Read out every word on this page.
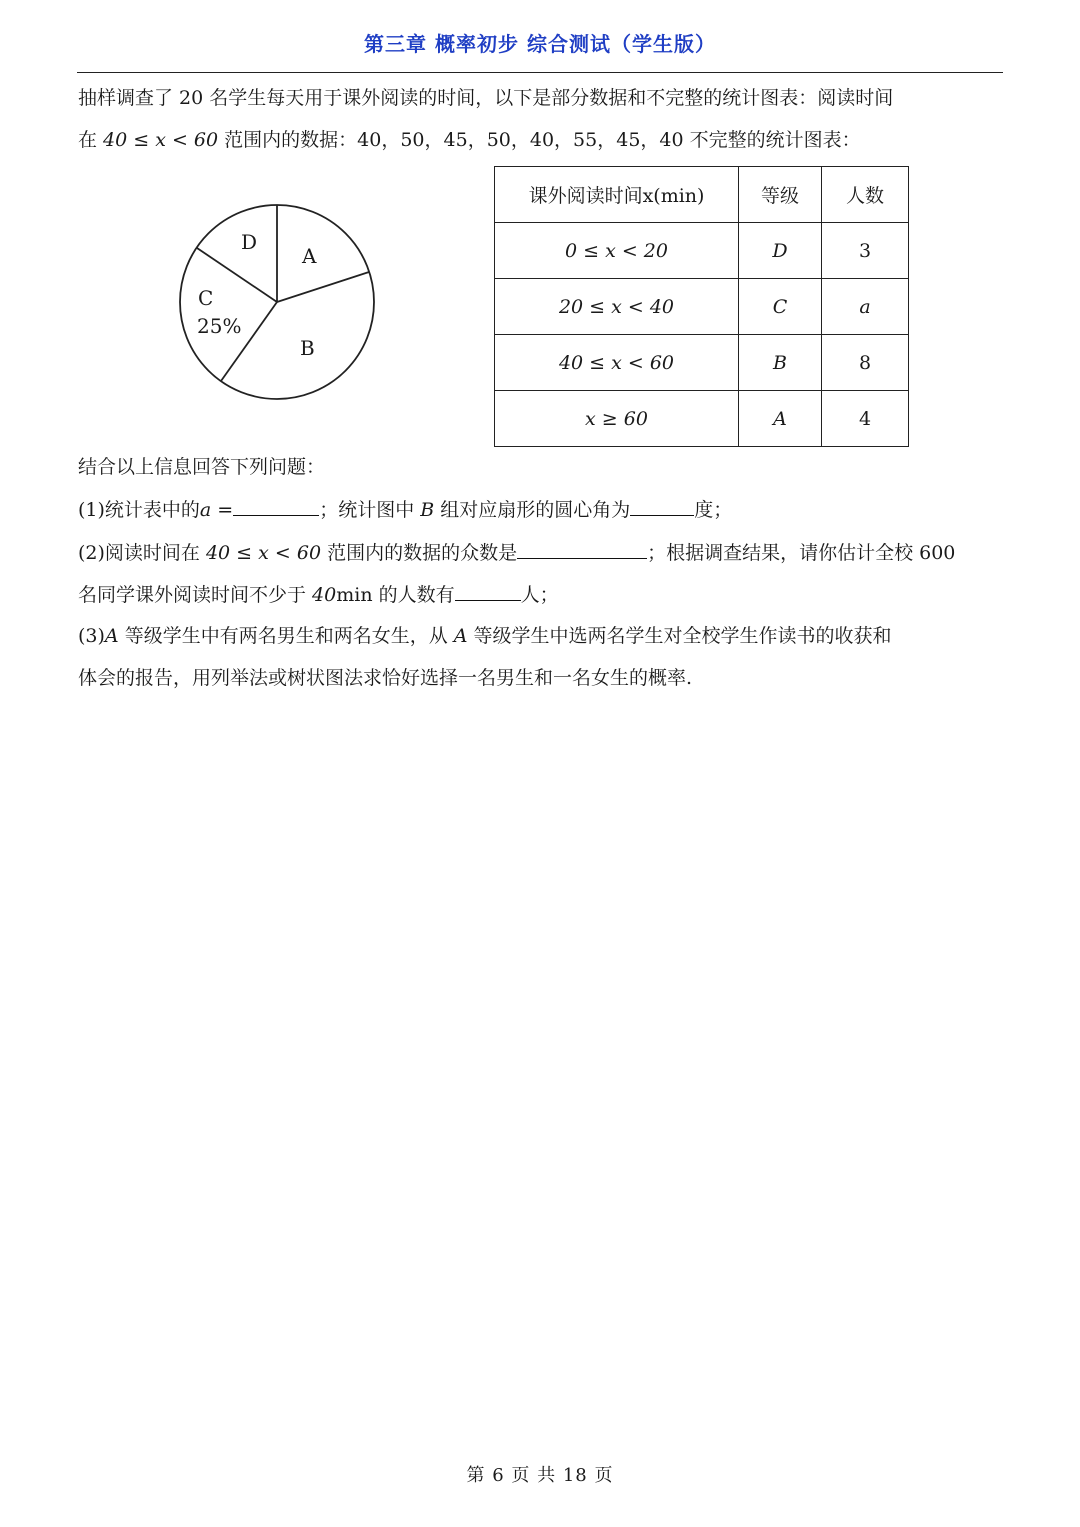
第三章 概率初步 综合测试（学生版）
抽样调查了 20 名学生每天用于课外阅读的时间，以下是部分数据和不完整的统计图表：阅读时间
在 40 ≤ x < 60 范围内的数据：40，50，45，50，40，55，45，40 不完整的统计图表：
D
A
C
25%
B
课外阅读时间x(min)	等级	人数
0 ≤ x < 20	D	3
20 ≤ x < 40	C	a
40 ≤ x < 60	B	8
x ≥ 60	A	4
结合以上信息回答下列问题：
(1)统计表中的a =	；统计图中 B 组对应扇形的圆心角为	度；
(2)阅读时间在 40 ≤ x < 60 范围内的数据的众数是	；根据调查结果，请你估计全校 600
名同学课外阅读时间不少于 40min 的人数有	人；
(3)A 等级学生中有两名男生和两名女生，从 A 等级学生中选两名学生对全校学生作读书的收获和
体会的报告，用列举法或树状图法求恰好选择一名男生和一名女生的概率.
第 6 页 共 18 页
